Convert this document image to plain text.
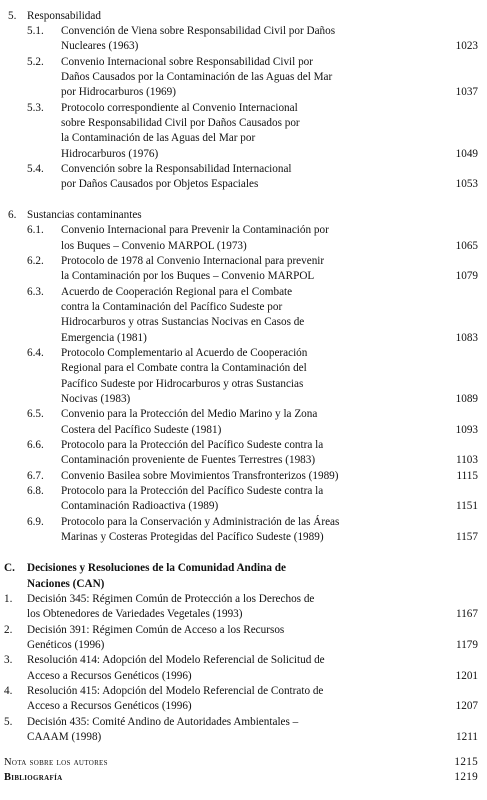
5. Responsabilidad
5.1. Convención de Viena sobre Responsabilidad Civil por Daños
Nucleares (1963)	1023
5.2. Convenio Internacional sobre Responsabilidad Civil por
Daños Causados por la Contaminación de las Aguas del Mar
por Hidrocarburos (1969)	1037
5.3. Protocolo correspondiente al Convenio Internacional
sobre Responsabilidad Civil por Daños Causados por
la Contaminación de las Aguas del Mar por
Hidrocarburos (1976)	1049
5.4. Convención sobre la Responsabilidad Internacional
por Daños Causados por Objetos Espaciales	1053
6. Sustancias contaminantes
6.1. Convenio Internacional para Prevenir la Contaminación por
los Buques – Convenio MARPOL (1973)	1065
6.2. Protocolo de 1978 al Convenio Internacional para prevenir
la Contaminación por los Buques – Convenio MARPOL	1079
6.3. Acuerdo de Cooperación Regional para el Combate
contra la Contaminación del Pacífico Sudeste por
Hidrocarburos y otras Sustancias Nocivas en Casos de
Emergencia (1981)	1083
6.4. Protocolo Complementario al Acuerdo de Cooperación
Regional para el Combate contra la Contaminación del
Pacífico Sudeste por Hidrocarburos y otras Sustancias
Nocivas (1983)	1089
6.5. Convenio para la Protección del Medio Marino y la Zona
Costera del Pacífico Sudeste (1981)	1093
6.6. Protocolo para la Protección del Pacífico Sudeste contra la
Contaminación proveniente de Fuentes Terrestres (1983)	1103
6.7. Convenio Basilea sobre Movimientos Transfronterizos (1989)	1115
6.8. Protocolo para la Protección del Pacífico Sudeste contra la
Contaminación Radioactiva (1989)	1151
6.9. Protocolo para la Conservación y Administración de las Áreas
Marinas y Costeras Protegidas del Pacífico Sudeste (1989)	1157
C. Decisiones y Resoluciones de la Comunidad Andina de
Naciones (CAN)
1. Decisión 345: Régimen Común de Protección a los Derechos de
los Obtenedores de Variedades Vegetales (1993)	1167
2. Decisión 391: Régimen Común de Acceso a los Recursos
Genéticos (1996)	1179
3. Resolución 414: Adopción del Modelo Referencial de Solicitud de
Acceso a Recursos Genéticos (1996)	1201
4. Resolución 415: Adopción del Modelo Referencial de Contrato de
Acceso a Recursos Genéticos (1996)	1207
5. Decisión 435: Comité Andino de Autoridades Ambientales –
CAAAM (1998)	1211
Nota sobre los autores	1215
Bibliografía	1219
